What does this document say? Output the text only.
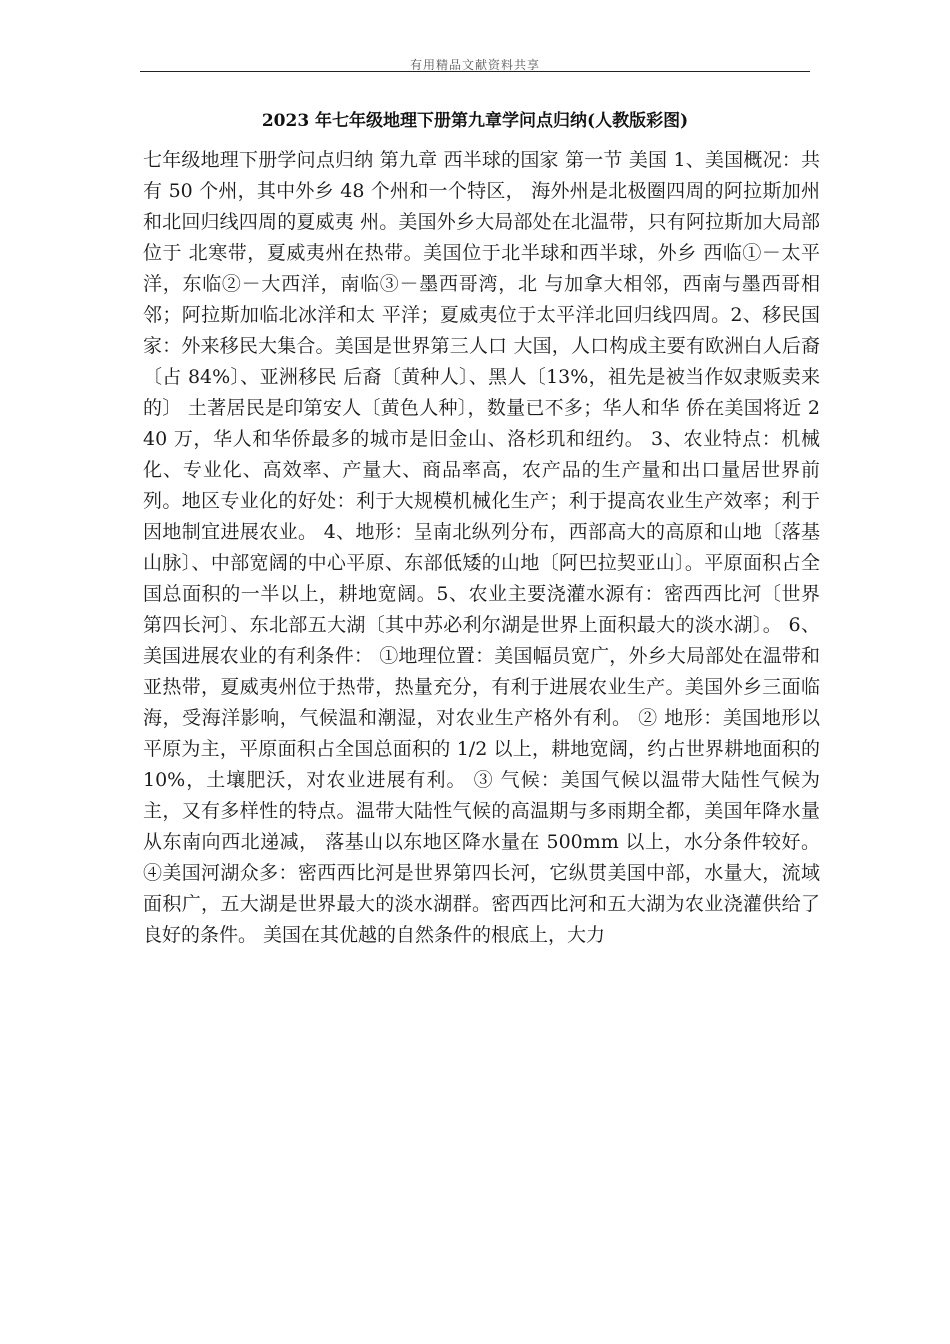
有用精品文献资料共享
2023 年七年级地理下册第九章学问点归纳(人教版彩图)
七年级地理下册学问点归纳 第九章 西半球的国家 第一节 美国 1、美国概况：共有 50 个州，其中外乡 48 个州和一个特区， 海外州是北极圈四周的阿拉斯加州和北回归线四周的夏威夷 州。美国外乡大局部处在北温带，只有阿拉斯加大局部位于 北寒带，夏威夷州在热带。美国位于北半球和西半球，外乡 西临①－太平洋，东临②－大西洋，南临③－墨西哥湾，北 与加拿大相邻，西南与墨西哥相邻；阿拉斯加临北冰洋和太 平洋；夏威夷位于太平洋北回归线四周。2、移民国家：外来移民大集合。美国是世界第三人口 大国，人口构成主要有欧洲白人后裔〔占 84%〕、亚洲移民 后裔〔黄种人〕、黑人〔13%，祖先是被当作奴隶贩卖来的〕 土著居民是印第安人〔黄色人种〕，数量已不多；华人和华 侨在美国将近 240 万，华人和华侨最多的城市是旧金山、洛杉玑和纽约。 3、农业特点：机械化、专业化、高效率、产量大、商品率高，农产品的生产量和出口量居世界前列。地区专业化的好处：利于大规模机械化生产；利于提高农业生产效率；利于因地制宜进展农业。 4、地形：呈南北纵列分布，西部高大的高原和山地〔落基山脉〕、中部宽阔的中心平原、东部低矮的山地〔阿巴拉契亚山〕。平原面积占全国总面积的一半以上，耕地宽阔。5、农业主要浇灌水源有：密西西比河〔世界第四长河〕、东北部五大湖〔其中苏必利尔湖是世界上面积最大的淡水湖〕。 6、美国进展农业的有利条件： ①地理位置：美国幅员宽广，外乡大局部处在温带和亚热带，夏威夷州位于热带，热量充分，有利于进展农业生产。美国外乡三面临海，受海洋影响，气候温和潮湿，对农业生产格外有利。 ② 地形：美国地形以平原为主，平原面积占全国总面积的 1/2 以上，耕地宽阔，约占世界耕地面积的 10%，土壤肥沃，对农业进展有利。 ③ 气候：美国气候以温带大陆性气候为主，又有多样性的特点。温带大陆性气候的高温期与多雨期全都，美国年降水量从东南向西北递减， 落基山以东地区降水量在 500mm 以上，水分条件较好。④美国河湖众多：密西西比河是世界第四长河，它纵贯美国中部，水量大，流域面积广，五大湖是世界最大的淡水湖群。密西西比河和五大湖为农业浇灌供给了良好的条件。 美国在其优越的自然条件的根底上，大力
